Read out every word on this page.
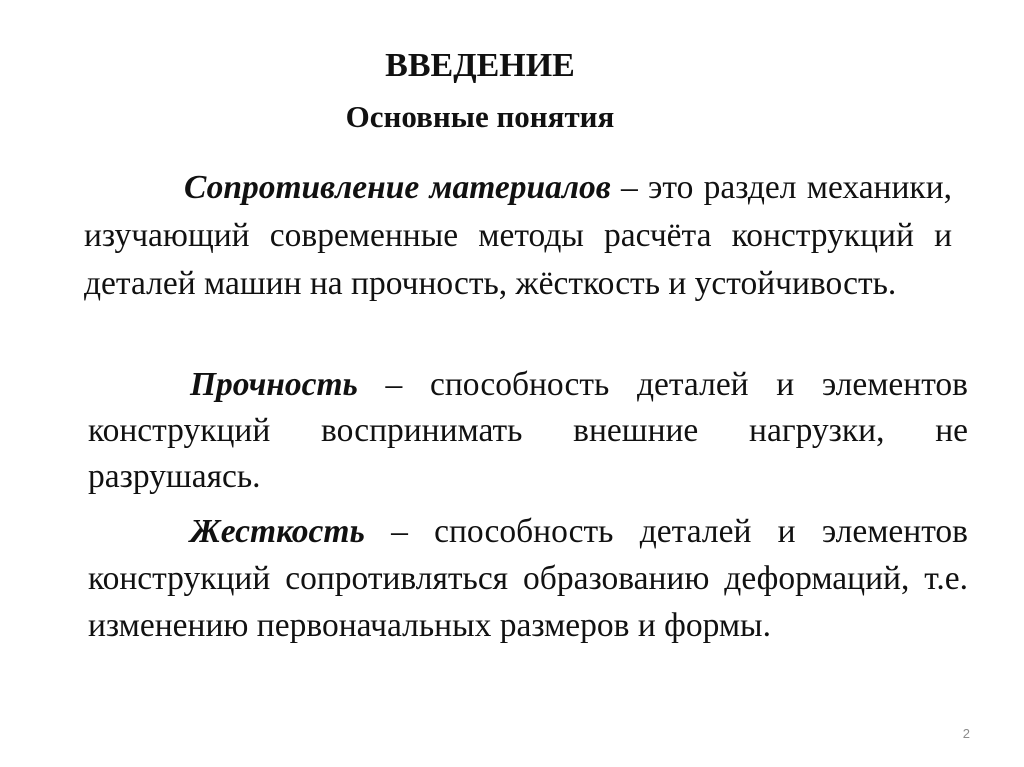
ВВЕДЕНИЕ
Основные понятия

Сопротивление материалов – это раздел механики, изучающий современные методы расчёта конструкций и деталей машин на прочность, жёсткость и устойчивость.

Прочность – способность деталей и элементов конструкций воспринимать внешние нагрузки, не разрушаясь.

Жесткость – способность деталей и элементов конструкций сопротивляться образованию деформаций, т.е. изменению первоначальных размеров и формы.

2
